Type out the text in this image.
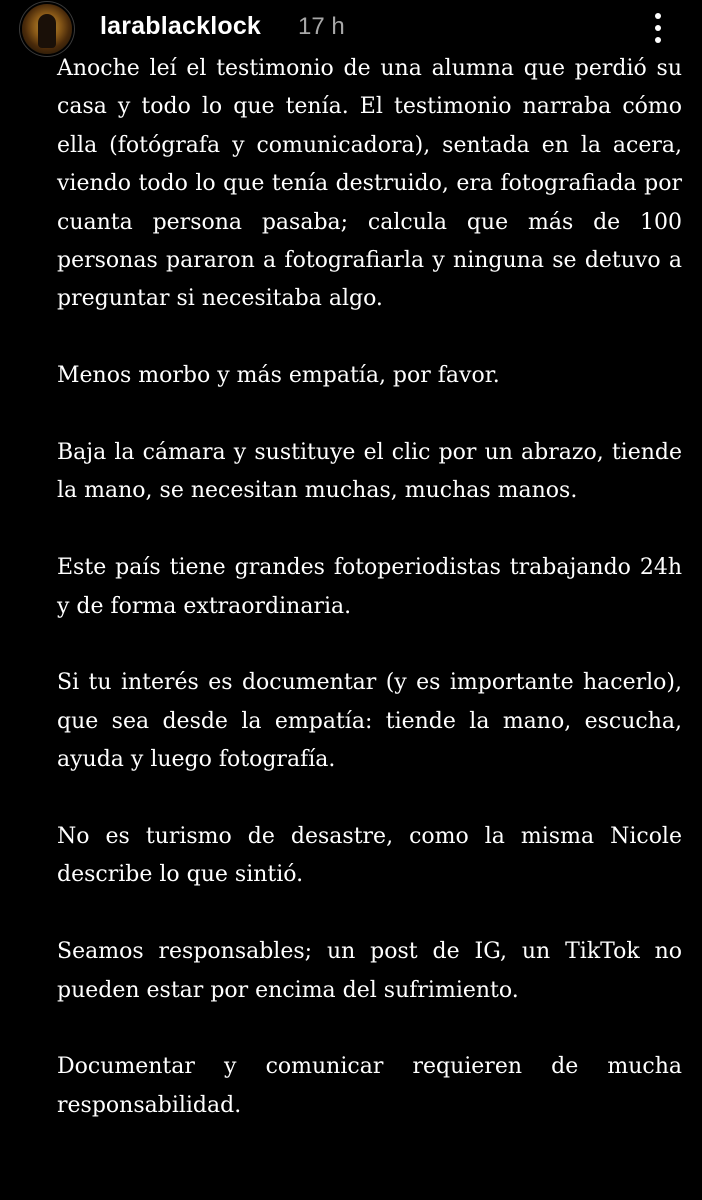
larablacklock 17 h

Anoche leí el testimonio de una alumna que perdió su casa y todo lo que tenía. El testimonio narraba cómo ella (fotógrafa y comunicadora), sentada en la acera, viendo todo lo que tenía destruido, era fotografiada por cuanta persona pasaba; calcula que más de 100 personas pararon a fotografiarla y ninguna se detuvo a preguntar si necesitaba algo.

Menos morbo y más empatía, por favor.

Baja la cámara y sustituye el clic por un abrazo, tiende la mano, se necesitan muchas, muchas manos.

Este país tiene grandes fotoperiodistas trabajando 24h y de forma extraordinaria.

Si tu interés es documentar (y es importante hacerlo), que sea desde la empatía: tiende la mano, escucha, ayuda y luego fotografía.

No es turismo de desastre, como la misma Nicole describe lo que sintió.

Seamos responsables; un post de IG, un TikTok no pueden estar por encima del sufrimiento.

Documentar y comunicar requieren de mucha responsabilidad.
